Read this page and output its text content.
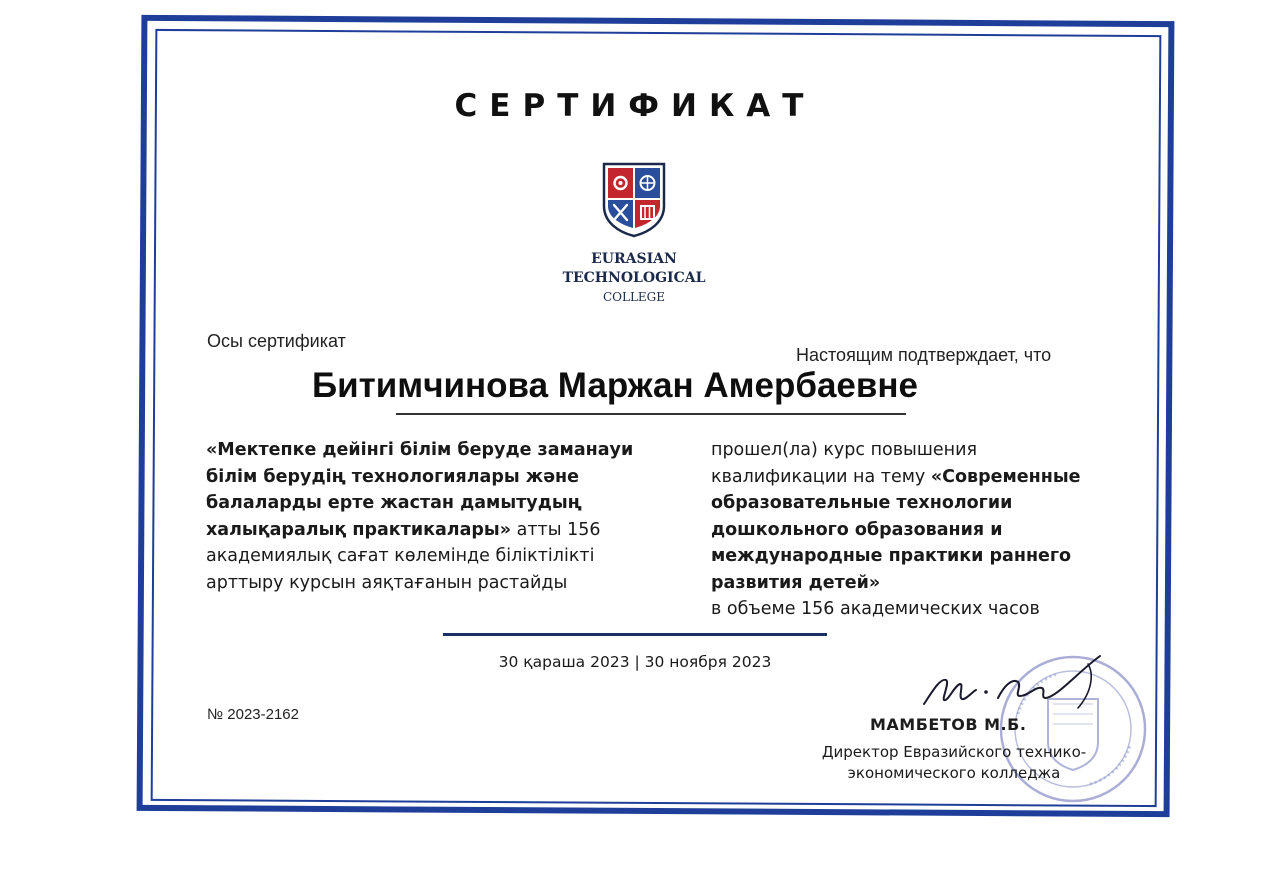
СЕРТИФИКАТ
EURASIAN
TECHNOLOGICAL
COLLEGE
Осы сертификат
Настоящим подтверждает, что
Битимчинова Маржан Амербаевне
«Мектепке дейінгі білім беруде заманауи білім берудің технологиялары және балаларды ерте жастан дамытудың халықаралық практикалары» атты 156 академиялық сағат көлемінде біліктілікті арттыру курсын аяқтағанын растайды
прошел(ла) курс повышения квалификации на тему «Современные образовательные технологии дошкольного образования и международные практики раннего развития детей»
в объеме 156 академических часов
30 қараша 2023 | 30 ноября 2023
№ 2023-2162
МАМБЕТОВ М.Б.
Директор Евразийского технико-
экономического колледжа
